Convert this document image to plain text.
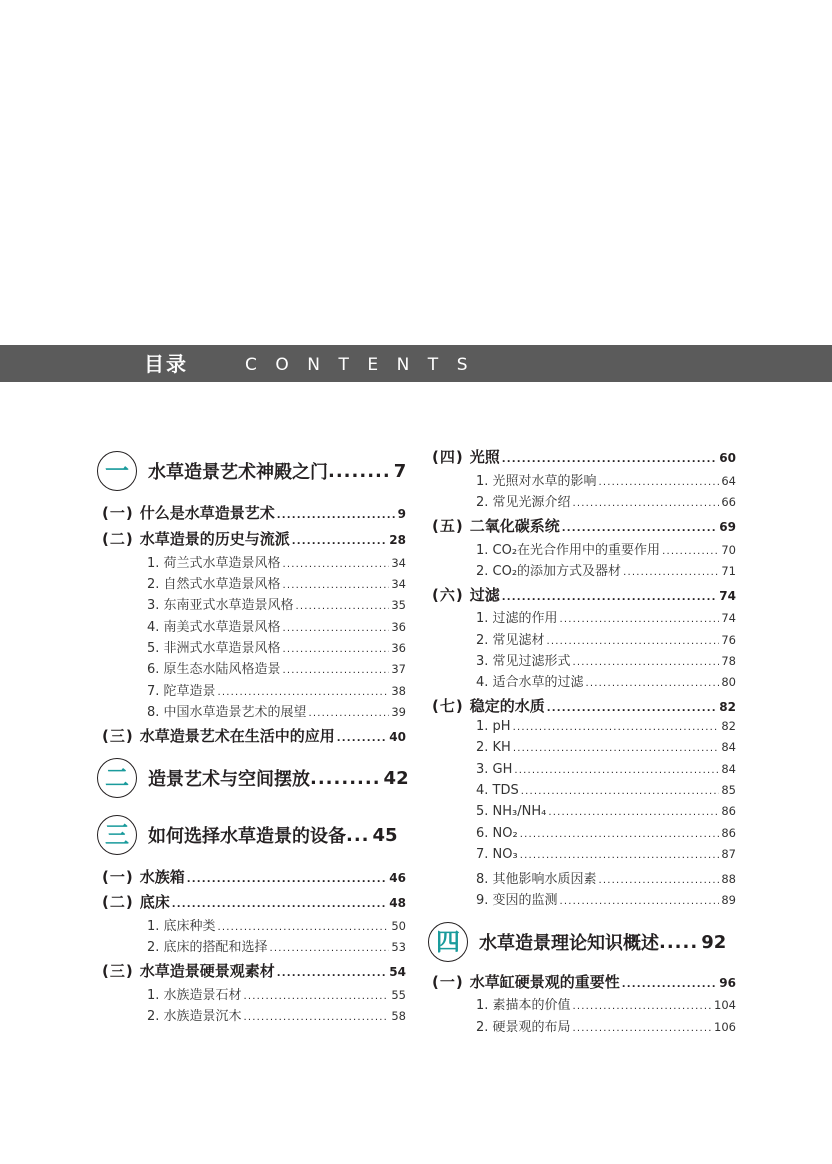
目录	CONTENTS
一	水草造景艺术神殿之门 ........ 7
(一) 什么是水草造景艺术 .....	9
(二) 水草造景的历史与流派 .....	28
1. 荷兰式水草造景风格 .....	34
2. 自然式水草造景风格 .....	34
3. 东南亚式水草造景风格 .....	35
4. 南美式水草造景风格 .....	36
5. 非洲式水草造景风格 .....	36
6. 原生态水陆风格造景 .....	37
7. 陀草造景 .....	38
8. 中国水草造景艺术的展望 .....	39
(三) 水草造景艺术在生活中的应用 .....	40
二	造景艺术与空间摆放 ......... 42
三	如何选择水草造景的设备 ... 45
(一) 水族箱 .....	46
(二) 底床 .....	48
1. 底床种类 .....	50
2. 底床的搭配和选择 .....	53
(三) 水草造景硬景观素材 .....	54
1. 水族造景石材 .....	55
2. 水族造景沉木 .....	58
(四) 光照 .....	60
1. 光照对水草的影响 .....	64
2. 常见光源介绍 .....	66
(五) 二氧化碳系统 .....	69
1. CO₂在光合作用中的重要作用 .....	70
2. CO₂的添加方式及器材 .....	71
(六) 过滤 .....	74
1. 过滤的作用 .....	74
2. 常见滤材 .....	76
3. 常见过滤形式 .....	78
4. 适合水草的过滤 .....	80
(七) 稳定的水质 .....	82
1. pH .....	82
2. KH .....	84
3. GH .....	84
4. TDS .....	85
5. NH₃/NH₄ .....	86
6. NO₂ .....	86
7. NO₃ .....	87
8. 其他影响水质因素 .....	88
9. 变因的监测 .....	89
四	水草造景理论知识概述 ..... 92
(一) 水草缸硬景观的重要性 .....	96
1. 素描本的价值 .....	104
2. 硬景观的布局 .....	106
